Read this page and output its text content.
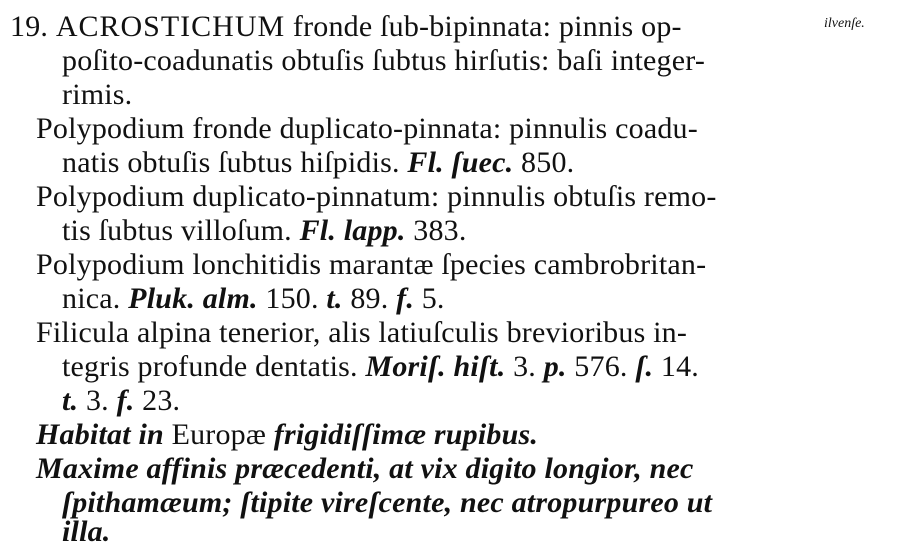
19. ACROSTICHUM fronde ſub-bipinnata: pinnis op-	ilvenſe.
poſito-coadunatis obtuſis ſubtus hirſutis: baſi integer-
rimis.
Polypodium fronde duplicato-pinnata: pinnulis coadu-
natis obtuſis ſubtus hiſpidis. Fl. ſuec. 850.
Polypodium duplicato-pinnatum: pinnulis obtuſis remo-
tis ſubtus villoſum. Fl. lapp. 383.
Polypodium lonchitidis marantæ ſpecies cambrobritan-
nica. Pluk. alm. 150. t. 89. f. 5.
Filicula alpina tenerior, alis latiuſculis brevioribus in-
tegris profunde dentatis. Moriſ. hiſt. 3. p. 576. ſ. 14.
t. 3. f. 23.
Habitat in Europæ frigidiſſimæ rupibus.
Maxime affinis præcedenti, at vix digito longior, nec
ſpithamæum; ſtipite vireſcente, nec atropurpureo ut
illa.
